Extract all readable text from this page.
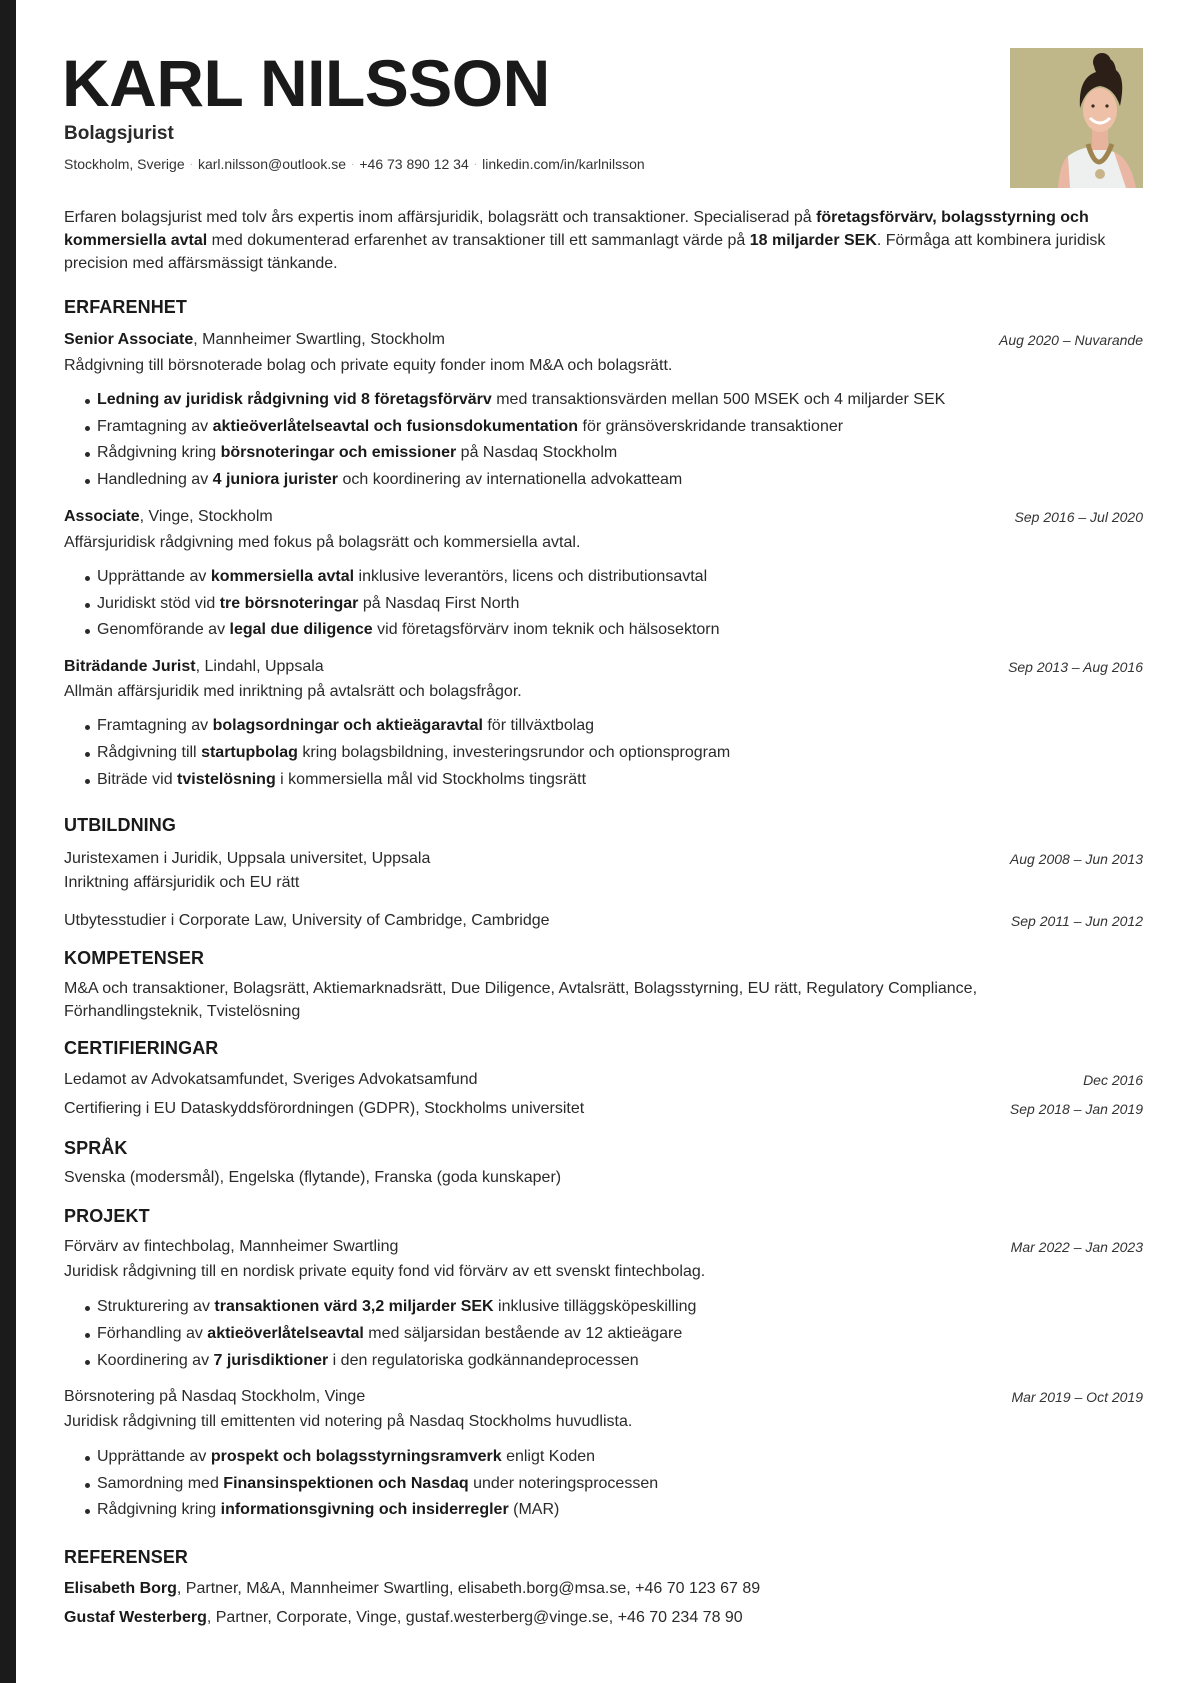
KARL NILSSON
Bolagsjurist
Stockholm, Sverige · karl.nilsson@outlook.se · +46 73 890 12 34 · linkedin.com/in/karlnilsson
Erfaren bolagsjurist med tolv års expertis inom affärsjuridik, bolagsrätt och transaktioner. Specialiserad på företagsförvärv, bolagsstyrning och kommersiella avtal med dokumenterad erfarenhet av transaktioner till ett sammanlagt värde på 18 miljarder SEK. Förmåga att kombinera juridisk precision med affärsmässigt tänkande.
ERFARENHET
Senior Associate, Mannheimer Swartling, Stockholm	Aug 2020 – Nuvarande
Rådgivning till börsnoterade bolag och private equity fonder inom M&A och bolagsrätt.
Ledning av juridisk rådgivning vid 8 företagsförvärv med transaktionsvärden mellan 500 MSEK och 4 miljarder SEK
Framtagning av aktieöverlåtelseavtal och fusionsdokumentation för gränsöverskridande transaktioner
Rådgivning kring börsnoteringar och emissioner på Nasdaq Stockholm
Handledning av 4 juniora jurister och koordinering av internationella advokatteam
Associate, Vinge, Stockholm	Sep 2016 – Jul 2020
Affärsjuridisk rådgivning med fokus på bolagsrätt och kommersiella avtal.
Upprättande av kommersiella avtal inklusive leverantörs, licens och distributionsavtal
Juridiskt stöd vid tre börsnoteringar på Nasdaq First North
Genomförande av legal due diligence vid företagsförvärv inom teknik och hälsosektorn
Biträdande Jurist, Lindahl, Uppsala	Sep 2013 – Aug 2016
Allmän affärsjuridik med inriktning på avtalsrätt och bolagsfrågor.
Framtagning av bolagsordningar och aktieägaravtal för tillväxtbolag
Rådgivning till startupbolag kring bolagsbildning, investeringsrundor och optionsprogram
Biträde vid tvistelösning i kommersiella mål vid Stockholms tingsrätt
UTBILDNING
Juristexamen i Juridik, Uppsala universitet, Uppsala	Aug 2008 – Jun 2013
Inriktning affärsjuridik och EU rätt
Utbytesstudier i Corporate Law, University of Cambridge, Cambridge	Sep 2011 – Jun 2012
KOMPETENSER
M&A och transaktioner, Bolagsrätt, Aktiemarknadsrätt, Due Diligence, Avtalsrätt, Bolagsstyrning, EU rätt, Regulatory Compliance,
Förhandlingsteknik, Tvistelösning
CERTIFIERINGAR
Ledamot av Advokatsamfundet, Sveriges Advokatsamfund	Dec 2016
Certifiering i EU Dataskyddsförordningen (GDPR), Stockholms universitet	Sep 2018 – Jan 2019
SPRÅK
Svenska (modersmål), Engelska (flytande), Franska (goda kunskaper)
PROJEKT
Förvärv av fintechbolag, Mannheimer Swartling	Mar 2022 – Jan 2023
Juridisk rådgivning till en nordisk private equity fond vid förvärv av ett svenskt fintechbolag.
Strukturering av transaktionen värd 3,2 miljarder SEK inklusive tilläggsköpeskilling
Förhandling av aktieöverlåtelseavtal med säljarsidan bestående av 12 aktieägare
Koordinering av 7 jurisdiktioner i den regulatoriska godkännandeprocessen
Börsnotering på Nasdaq Stockholm, Vinge	Mar 2019 – Oct 2019
Juridisk rådgivning till emittenten vid notering på Nasdaq Stockholms huvudlista.
Upprättande av prospekt och bolagsstyrningsramverk enligt Koden
Samordning med Finansinspektionen och Nasdaq under noteringsprocessen
Rådgivning kring informationsgivning och insiderregler (MAR)
REFERENSER
Elisabeth Borg, Partner, M&A, Mannheimer Swartling, elisabeth.borg@msa.se, +46 70 123 67 89
Gustaf Westerberg, Partner, Corporate, Vinge, gustaf.westerberg@vinge.se, +46 70 234 78 90
